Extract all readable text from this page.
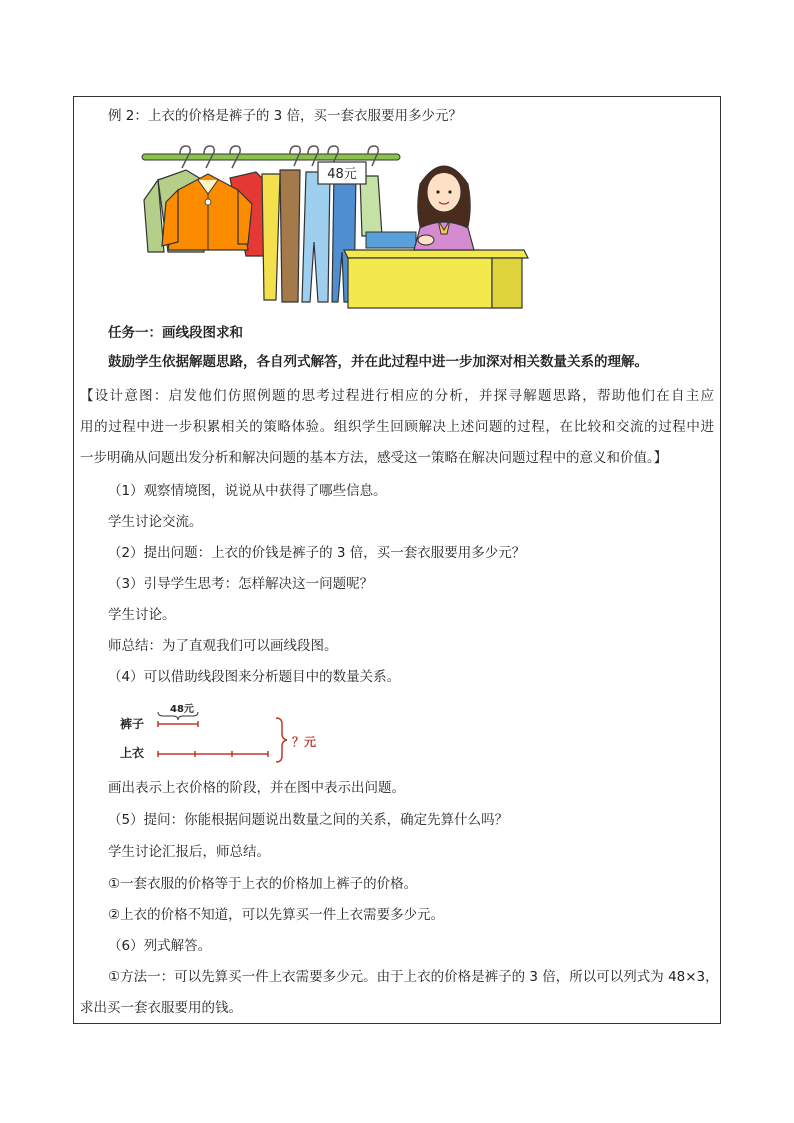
例 2：上衣的价格是裤子的 3 倍，买一套衣服要用多少元？
48元
任务一：画线段图求和
鼓励学生依据解题思路，各自列式解答，并在此过程中进一步加深对相关数量关系的理解。
【设计意图：启发他们仿照例题的思考过程进行相应的分析，并探寻解题思路，帮助他们在自主应
用的过程中进一步积累相关的策略体验。组织学生回顾解决上述问题的过程，在比较和交流的过程中进
一步明确从问题出发分析和解决问题的基本方法，感受这一策略在解决问题过程中的意义和价值。】
（1）观察情境图，说说从中获得了哪些信息。
学生讨论交流。
（2）提出问题：上衣的价钱是裤子的 3 倍，买一套衣服要用多少元？
（3）引导学生思考：怎样解决这一问题呢？
学生讨论。
师总结：为了直观我们可以画线段图。
（4）可以借助线段图来分析题目中的数量关系。
裤子
上衣
48元
？元
画出表示上衣价格的阶段，并在图中表示出问题。
（5）提问：你能根据问题说出数量之间的关系，确定先算什么吗？
学生讨论汇报后，师总结。
①一套衣服的价格等于上衣的价格加上裤子的价格。
②上衣的价格不知道，可以先算买一件上衣需要多少元。
（6）列式解答。
①方法一：可以先算买一件上衣需要多少元。由于上衣的价格是裤子的 3 倍，所以可以列式为 48×3，
求出买一套衣服要用的钱。
